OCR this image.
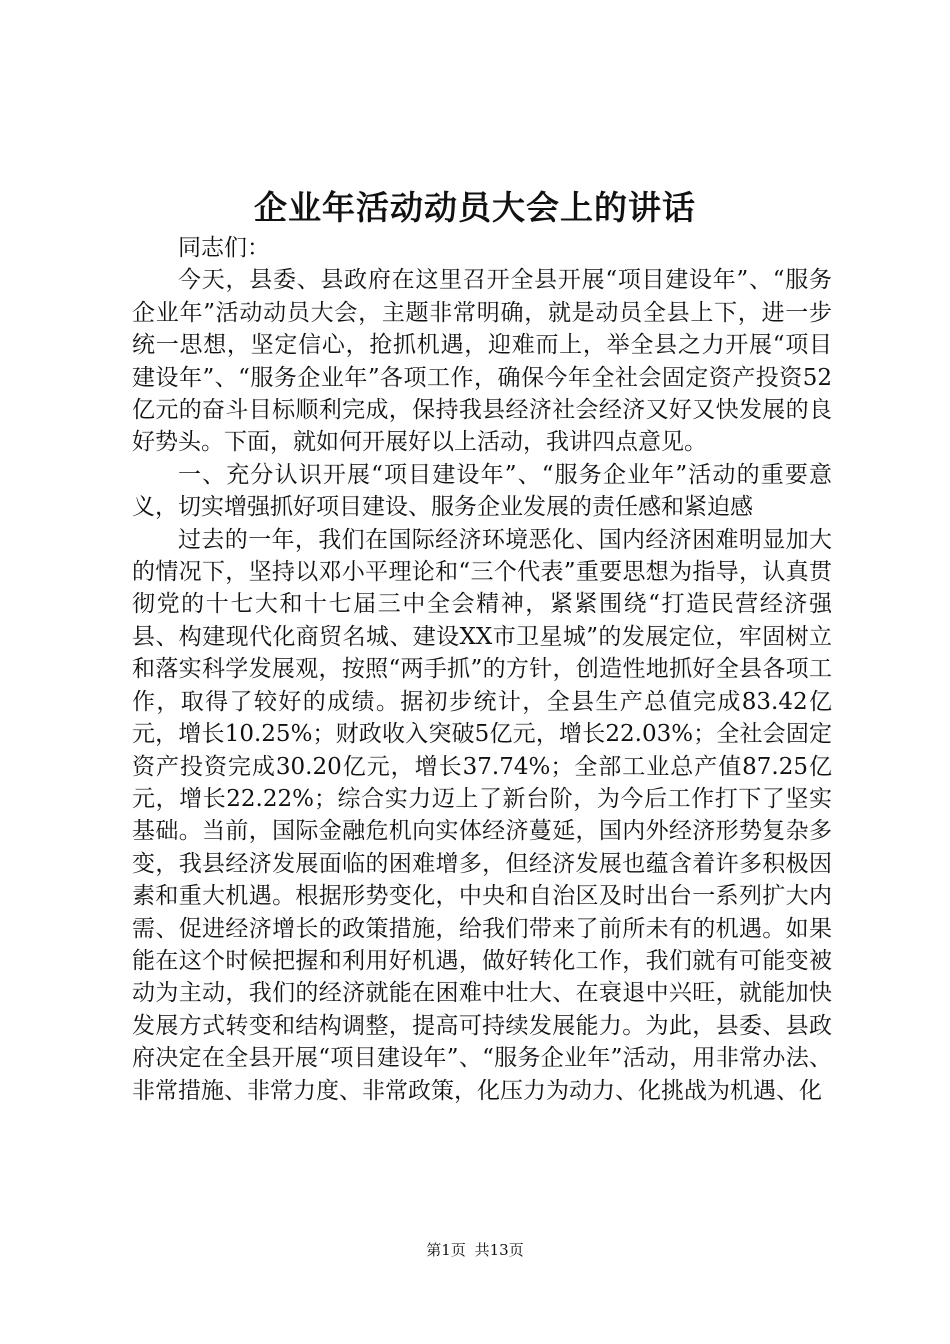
企业年活动动员大会上的讲话

同志们：

今天，县委、县政府在这里召开全县开展“项目建设年”、“服务企业年”活动动员大会，主题非常明确，就是动员全县上下，进一步统一思想，坚定信心，抢抓机遇，迎难而上，举全县之力开展“项目建设年”、“服务企业年”各项工作，确保今年全社会固定资产投资52亿元的奋斗目标顺利完成，保持我县经济社会经济又好又快发展的良好势头。下面，就如何开展好以上活动，我讲四点意见。

一、充分认识开展“项目建设年”、“服务企业年”活动的重要意义，切实增强抓好项目建设、服务企业发展的责任感和紧迫感

过去的一年，我们在国际经济环境恶化、国内经济困难明显加大的情况下，坚持以邓小平理论和“三个代表”重要思想为指导，认真贯彻党的十七大和十七届三中全会精神，紧紧围绕“打造民营经济强县、构建现代化商贸名城、建设XX市卫星城”的发展定位，牢固树立和落实科学发展观，按照“两手抓”的方针，创造性地抓好全县各项工作，取得了较好的成绩。据初步统计，全县生产总值完成83.42亿元，增长10.25%；财政收入突破5亿元，增长22.03%；全社会固定资产投资完成30.20亿元，增长37.74%；全部工业总产值87.25亿元，增长22.22%；综合实力迈上了新台阶，为今后工作打下了坚实基础。当前，国际金融危机向实体经济蔓延，国内外经济形势复杂多变，我县经济发展面临的困难增多，但经济发展也蕴含着许多积极因素和重大机遇。根据形势变化，中央和自治区及时出台一系列扩大内需、促进经济增长的政策措施，给我们带来了前所未有的机遇。如果能在这个时候把握和利用好机遇，做好转化工作，我们就有可能变被动为主动，我们的经济就能在困难中壮大、在衰退中兴旺，就能加快发展方式转变和结构调整，提高可持续发展能力。为此，县委、县政府决定在全县开展“项目建设年”、“服务企业年”活动，用非常办法、非常措施、非常力度、非常政策，化压力为动力、化挑战为机遇、化

第1页 共13页
